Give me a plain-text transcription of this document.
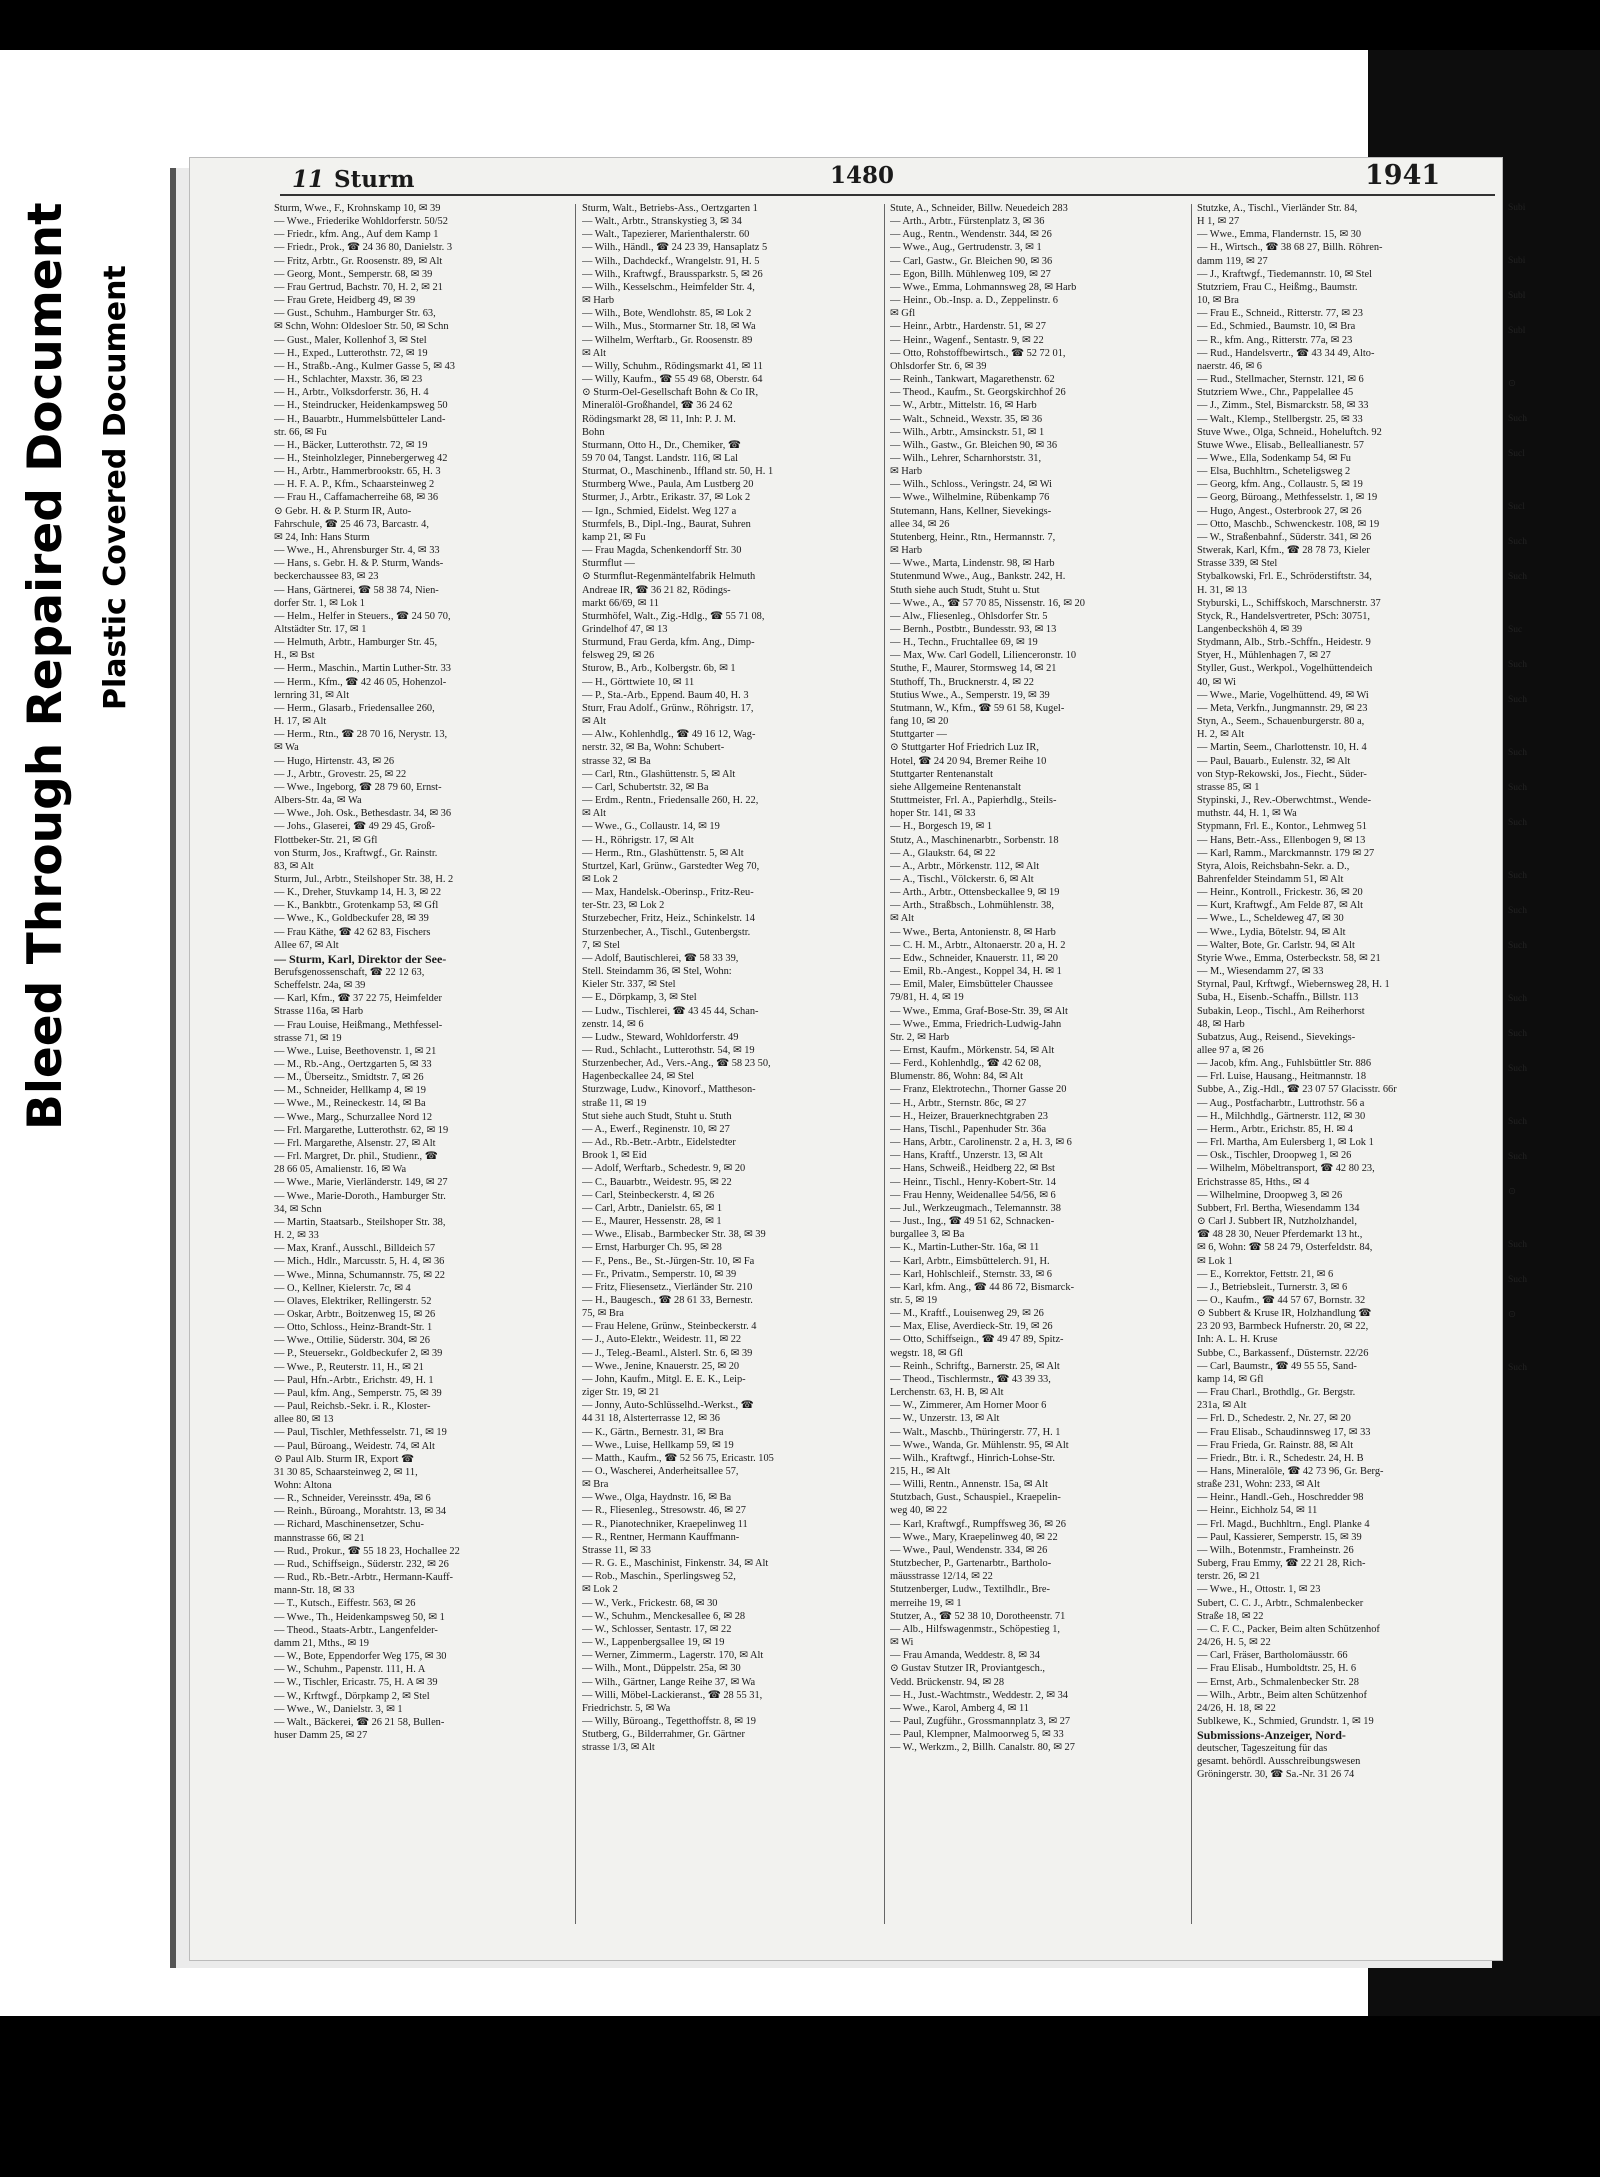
Bleed Through Repaired Document Plastic Covered Document
11 Sturm	1480	1941
Sturm, Wwe., F., Krohnskamp 10, ✉ 39
— Wwe., Friederike Wohldorferstr. 50/52
— Friedr., kfm. Ang., Auf dem Kamp 1
— Friedr., Prok., ☎ 24 36 80, Danielstr. 3
— Fritz, Arbtr., Gr. Roosenstr. 89, ✉ Alt
— Georg, Mont., Semperstr. 68, ✉ 39
— Frau Gertrud, Bachstr. 70, H. 2, ✉ 21
— Frau Grete, Heidberg 49, ✉ 39
— Gust., Schuhm., Hamburger Str. 63,
✉ Schn, Wohn: Oldesloer Str. 50, ✉ Schn
— Gust., Maler, Kollenhof 3, ✉ Stel
— H., Exped., Lutterothstr. 72, ✉ 19
— H., Straßb.-Ang., Kulmer Gasse 5, ✉ 43
— H., Schlachter, Maxstr. 36, ✉ 23
— H., Arbtr., Volksdorferstr. 36, H. 4
— H., Steindrucker, Heidenkampsweg 50
— H., Bauarbtr., Hummelsbütteler Land-
str. 66, ✉ Fu
— H., Bäcker, Lutterothstr. 72, ✉ 19
— H., Steinholzleger, Pinnebergerweg 42
— H., Arbtr., Hammerbrookstr. 65, H. 3
— H. F. A. P., Kfm., Schaarsteinweg 2
— Frau H., Caffamacherreihe 68, ✉ 36
⊙ Gebr. H. & P. Sturm IR, Auto-
Fahrschule, ☎ 25 46 73, Barcastr. 4,
✉ 24, Inh: Hans Sturm
— Wwe., H., Ahrensburger Str. 4, ✉ 33
— Hans, s. Gebr. H. & P. Sturm, Wands-
beckerchaussee 83, ✉ 23
— Hans, Gärtnerei, ☎ 58 38 74, Nien-
dorfer Str. 1, ✉ Lok 1
— Helm., Helfer in Steuers., ☎ 24 50 70,
Altstädter Str. 17, ✉ 1
— Helmuth, Arbtr., Hamburger Str. 45,
H., ✉ Bst
— Herm., Maschin., Martin Luther-Str. 33
— Herm., Kfm., ☎ 42 46 05, Hohenzol-
lernring 31, ✉ Alt
— Herm., Glasarb., Friedensallee 260,
H. 17, ✉ Alt
— Herm., Rtn., ☎ 28 70 16, Nerystr. 13,
✉ Wa
— Hugo, Hirtenstr. 43, ✉ 26
— J., Arbtr., Grovestr. 25, ✉ 22
— Wwe., Ingeborg, ☎ 28 79 60, Ernst-
Albers-Str. 4a, ✉ Wa
— Wwe., Joh. Osk., Bethesdastr. 34, ✉ 36
— Johs., Glaserei, ☎ 49 29 45, Groß-
Flottbeker-Str. 21, ✉ Gfl
von Sturm, Jos., Kraftwgf., Gr. Rainstr.
83, ✉ Alt
Sturm, Jul., Arbtr., Steilshoper Str. 38, H. 2
— K., Dreher, Stuvkamp 14, H. 3, ✉ 22
— K., Bankbtr., Grotenkamp 53, ✉ Gfl
— Wwe., K., Goldbeckufer 28, ✉ 39
— Frau Käthe, ☎ 42 62 83, Fischers
Allee 67, ✉ Alt
— Sturm, Karl, Direktor der See-
Berufsgenossenschaft, ☎ 22 12 63,
Scheffelstr. 24a, ✉ 39
— Karl, Kfm., ☎ 37 22 75, Heimfelder
Strasse 116a, ✉ Harb
— Frau Louise, Heißmang., Methfessel-
strasse 71, ✉ 19
— Wwe., Luise, Beethovenstr. 1, ✉ 21
— M., Rb.-Ang., Oertzgarten 5, ✉ 33
— M., Überseitz., Smidtstr. 7, ✉ 26
— M., Schneider, Hellkamp 4, ✉ 19
— Wwe., M., Reineckestr. 14, ✉ Ba
— Wwe., Marg., Schurzallee Nord 12
— Frl. Margarethe, Lutterothstr. 62, ✉ 19
— Frl. Margarethe, Alsenstr. 27, ✉ Alt
— Frl. Margret, Dr. phil., Studienr., ☎
28 66 05, Amalienstr. 16, ✉ Wa
— Wwe., Marie, Vierländerstr. 149, ✉ 27
— Wwe., Marie-Doroth., Hamburger Str.
34, ✉ Schn
— Martin, Staatsarb., Steilshoper Str. 38,
H. 2, ✉ 33
— Max, Kranf., Ausschl., Billdeich 57
— Mich., Hdlr., Marcusstr. 5, H. 4, ✉ 36
— Wwe., Minna, Schumannstr. 75, ✉ 22
— O., Kellner, Kielerstr. 7c, ✉ 4
— Olaves, Elektriker, Rellingerstr. 52
— Oskar, Arbtr., Boitzenweg 15, ✉ 26
— Otto, Schloss., Heinz-Brandt-Str. 1
— Wwe., Ottilie, Süderstr. 304, ✉ 26
— P., Steuersekr., Goldbeckufer 2, ✉ 39
— Wwe., P., Reuterstr. 11, H., ✉ 21
— Paul, Hfn.-Arbtr., Erichstr. 49, H. 1
— Paul, kfm. Ang., Semperstr. 75, ✉ 39
— Paul, Reichsb.-Sekr. i. R., Kloster-
allee 80, ✉ 13
— Paul, Tischler, Methfesselstr. 71, ✉ 19
— Paul, Büroang., Weidestr. 74, ✉ Alt
⊙ Paul Alb. Sturm IR, Export ☎
31 30 85, Schaarsteinweg 2, ✉ 11,
Wohn: Altona
— R., Schneider, Vereinsstr. 49a, ✉ 6
— Reinh., Büroang., Morahtstr. 13, ✉ 34
— Richard, Maschinensetzer, Schu-
mannstrasse 66, ✉ 21
— Rud., Prokur., ☎ 55 18 23, Hochallee 22
— Rud., Schiffseign., Süderstr. 232, ✉ 26
— Rud., Rb.-Betr.-Arbtr., Hermann-Kauff-
mann-Str. 18, ✉ 33
— T., Kutsch., Eiffestr. 563, ✉ 26
— Wwe., Th., Heidenkampsweg 50, ✉ 1
— Theod., Staats-Arbtr., Langenfelder-
damm 21, Mths., ✉ 19
— W., Bote, Eppendorfer Weg 175, ✉ 30
— W., Schuhm., Papenstr. 111, H. A
— W., Tischler, Ericastr. 75, H. A ✉ 39
— W., Krftwgf., Dörpkamp 2, ✉ Stel
— Wwe., W., Danielstr. 3, ✉ 1
— Walt., Bäckerei, ☎ 26 21 58, Bullen-
huser Damm 25, ✉ 27
Sturm, Walt., Betriebs-Ass., Oertzgarten 1
— Walt., Arbtr., Stranskystieg 3, ✉ 34
— Walt., Tapezierer, Marienthalerstr. 60
— Wilh., Händl., ☎ 24 23 39, Hansaplatz 5
— Wilh., Dachdeckf., Wrangelstr. 91, H. 5
— Wilh., Kraftwgf., Braussparkstr. 5, ✉ 26
— Wilh., Kesselschm., Heimfelder Str. 4,
✉ Harb
— Wilh., Bote, Wendlohstr. 85, ✉ Lok 2
— Wilh., Mus., Stormarner Str. 18, ✉ Wa
— Wilhelm, Werftarb., Gr. Roosenstr. 89
✉ Alt
— Willy, Schuhm., Rödingsmarkt 41, ✉ 11
— Willy, Kaufm., ☎ 55 49 68, Oberstr. 64
⊙ Sturm-Oel-Gesellschaft Bohn & Co IR,
Mineralöl-Großhandel, ☎ 36 24 62
Rödingsmarkt 28, ✉ 11, Inh: P. J. M.
Bohn
Sturmann, Otto H., Dr., Chemiker, ☎
59 70 04, Tangst. Landstr. 116, ✉ Lal
Sturmat, O., Maschinenb., Iffland str. 50, H. 1
Sturmberg Wwe., Paula, Am Lustberg 20
Sturmer, J., Arbtr., Erikastr. 37, ✉ Lok 2
— Ign., Schmied, Eidelst. Weg 127 a
Sturmfels, B., Dipl.-Ing., Baurat, Suhren
kamp 21, ✉ Fu
— Frau Magda, Schenkendorff Str. 30
Sturmflut —
⊙ Sturmflut-Regenmäntelfabrik Helmuth
Andreae IR, ☎ 36 21 82, Rödings-
markt 66/69, ✉ 11
Sturmhöfel, Walt., Zig.-Hdlg., ☎ 55 71 08,
Grindelhof 47, ✉ 13
Sturmund, Frau Gerda, kfm. Ang., Dimp-
felsweg 29, ✉ 26
Sturow, B., Arb., Kolbergstr. 6b, ✉ 1
— H., Görttwiete 10, ✉ 11
— P., Sta.-Arb., Eppend. Baum 40, H. 3
Sturr, Frau Adolf., Grünw., Röhrigstr. 17,
✉ Alt
— Alw., Kohlenhdlg., ☎ 49 16 12, Wag-
nerstr. 32, ✉ Ba, Wohn: Schubert-
strasse 32, ✉ Ba
— Carl, Rtn., Glashüttenstr. 5, ✉ Alt
— Carl, Schubertstr. 32, ✉ Ba
— Erdm., Rentn., Friedensalle 260, H. 22,
✉ Alt
— Wwe., G., Collaustr. 14, ✉ 19
— H., Röhrigstr. 17, ✉ Alt
— Herm., Rtn., Glashüttenstr. 5, ✉ Alt
Sturtzel, Karl, Grünw., Garstedter Weg 70,
✉ Lok 2
— Max, Handelsk.-Oberinsp., Fritz-Reu-
ter-Str. 23, ✉ Lok 2
Sturzebecher, Fritz, Heiz., Schinkelstr. 14
Sturzenbecher, A., Tischl., Gutenbergstr.
7, ✉ Stel
— Adolf, Bautischlerei, ☎ 58 33 39,
Stell. Steindamm 36, ✉ Stel, Wohn:
Kieler Str. 337, ✉ Stel
— E., Dörpkamp, 3, ✉ Stel
— Ludw., Tischlerei, ☎ 43 45 44, Schan-
zenstr. 14, ✉ 6
— Ludw., Steward, Wohldorferstr. 49
— Rud., Schlacht., Lutterothstr. 54, ✉ 19
Sturzenbecher, Ad., Vers.-Ang., ☎ 58 23 50,
Hagenbeckallee 24, ✉ Stel
Sturzwage, Ludw., Kinovorf., Mattheson-
straße 11, ✉ 19
Stut siehe auch Studt, Stuht u. Stuth
— A., Ewerf., Reginenstr. 10, ✉ 27
— Ad., Rb.-Betr.-Arbtr., Eidelstedter
Brook 1, ✉ Eid
— Adolf, Werftarb., Schedestr. 9, ✉ 20
— C., Bauarbtr., Weidestr. 95, ✉ 22
— Carl, Steinbeckerstr. 4, ✉ 26
— Carl, Arbtr., Danielstr. 65, ✉ 1
— E., Maurer, Hessenstr. 28, ✉ 1
— Wwe., Elisab., Barmbecker Str. 38, ✉ 39
— Ernst, Harburger Ch. 95, ✉ 28
— F., Pens., Be., St.-Jürgen-Str. 10, ✉ Fa
— Fr., Privatm., Semperstr. 10, ✉ 39
— Fritz, Fliesensetz., Vierländer Str. 210
— H., Baugesch., ☎ 28 61 33, Bernestr.
75, ✉ Bra
— Frau Helene, Grünw., Steinbeckerstr. 4
— J., Auto-Elektr., Weidestr. 11, ✉ 22
— J., Teleg.-Beaml., Alsterl. Str. 6, ✉ 39
— Wwe., Jenine, Knauerstr. 25, ✉ 20
— John, Kaufm., Mitgl. E. E. K., Leip-
ziger Str. 19, ✉ 21
— Jonny, Auto-Schlüsselhd.-Werkst., ☎
44 31 18, Alsterterrasse 12, ✉ 36
— K., Gärtn., Bernestr. 31, ✉ Bra
— Wwe., Luise, Hellkamp 59, ✉ 19
— Matth., Kaufm., ☎ 52 56 75, Ericastr. 105
— O., Wascherei, Anderheitsallee 57,
✉ Bra
— Wwe., Olga, Haydnstr. 16, ✉ Ba
— R., Fliesenleg., Stresowstr. 46, ✉ 27
— R., Pianotechniker, Kraepelinweg 11
— R., Rentner, Hermann Kauffmann-
Strasse 11, ✉ 33
— R. G. E., Maschinist, Finkenstr. 34, ✉ Alt
— Rob., Maschin., Sperlingsweg 52,
✉ Lok 2
— W., Verk., Frickestr. 68, ✉ 30
— W., Schuhm., Menckesallee 6, ✉ 28
— W., Schlosser, Sentastr. 17, ✉ 22
— W., Lappenbergsallee 19, ✉ 19
— Werner, Zimmerm., Lagerstr. 170, ✉ Alt
— Wilh., Mont., Düppelstr. 25a, ✉ 30
— Wilh., Gärtner, Lange Reihe 37, ✉ Wa
— Willi, Möbel-Lackieranst., ☎ 28 55 31,
Friedrichstr. 5, ✉ Wa
— Willy, Büroang., Tegetthoffstr. 8, ✉ 19
Stutberg, G., Bilderrahmer, Gr. Gärtner
strasse 1/3, ✉ Alt
Stute, A., Schneider, Billw. Neuedeich 283
— Arth., Arbtr., Fürstenplatz 3, ✉ 36
— Aug., Rentn., Wendenstr. 344, ✉ 26
— Wwe., Aug., Gertrudenstr. 3, ✉ 1
— Carl, Gastw., Gr. Bleichen 90, ✉ 36
— Egon, Billh. Mühlenweg 109, ✉ 27
— Wwe., Emma, Lohmannsweg 28, ✉ Harb
— Heinr., Ob.-Insp. a. D., Zeppelinstr. 6
✉ Gfl
— Heinr., Arbtr., Hardenstr. 51, ✉ 27
— Heinr., Wagenf., Sentastr. 9, ✉ 22
— Otto, Rohstoffbewirtsch., ☎ 52 72 01,
Ohlsdorfer Str. 6, ✉ 39
— Reinh., Tankwart, Magarethenstr. 62
— Theod., Kaufm., St. Georgskirchhof 26
— W., Arbtr., Mittelstr. 16, ✉ Harb
— Walt., Schneid., Wexstr. 35, ✉ 36
— Wilh., Arbtr., Amsinckstr. 51, ✉ 1
— Wilh., Gastw., Gr. Bleichen 90, ✉ 36
— Wilh., Lehrer, Scharnhorststr. 31,
✉ Harb
— Wilh., Schloss., Veringstr. 24, ✉ Wi
— Wwe., Wilhelmine, Rübenkamp 76
Stutemann, Hans, Kellner, Sievekings-
allee 34, ✉ 26
Stutenberg, Heinr., Rtn., Hermannstr. 7,
✉ Harb
— Wwe., Marta, Lindenstr. 98, ✉ Harb
Stutenmund Wwe., Aug., Bankstr. 242, H.
Stuth siehe auch Studt, Stuht u. Stut
— Wwe., A., ☎ 57 70 85, Nissenstr. 16, ✉ 20
— Alw., Fliesenleg., Ohlsdorfer Str. 5
— Bernh., Postbtr., Bundesstr. 93, ✉ 13
— H., Techn., Fruchtallee 69, ✉ 19
— Max, Ww. Carl Godell, Lilienceronstr. 10
Stuthe, F., Maurer, Stormsweg 14, ✉ 21
Stuthoff, Th., Brucknerstr. 4, ✉ 22
Stutius Wwe., A., Semperstr. 19, ✉ 39
Stutmann, W., Kfm., ☎ 59 61 58, Kugel-
fang 10, ✉ 20
Stuttgarter —
⊙ Stuttgarter Hof Friedrich Luz IR,
Hotel, ☎ 24 20 94, Bremer Reihe 10
Stuttgarter Rentenanstalt
siehe Allgemeine Rentenanstalt
Stuttmeister, Frl. A., Papierhdlg., Steils-
hoper Str. 141, ✉ 33
— H., Borgesch 19, ✉ 1
Stutz, A., Maschinenarbtr., Sorbenstr. 18
— A., Glaukstr. 64, ✉ 22
— A., Arbtr., Mörkenstr. 112, ✉ Alt
— A., Tischl., Völckerstr. 6, ✉ Alt
— Arth., Arbtr., Ottensbeckallee 9, ✉ 19
— Arth., Straßbsch., Lohmühlenstr. 38,
✉ Alt
— Wwe., Berta, Antonienstr. 8, ✉ Harb
— C. H. M., Arbtr., Altonaerstr. 20 a, H. 2
— Edw., Schneider, Knauerstr. 11, ✉ 20
— Emil, Rb.-Angest., Koppel 34, H. ✉ 1
— Emil, Maler, Eimsbütteler Chaussee
79/81, H. 4, ✉ 19
— Wwe., Emma, Graf-Bose-Str. 39, ✉ Alt
— Wwe., Emma, Friedrich-Ludwig-Jahn
Str. 2, ✉ Harb
— Ernst, Kaufm., Mörkenstr. 54, ✉ Alt
— Ferd., Kohlenhdlg., ☎ 42 62 08,
Blumenstr. 86, Wohn: 84, ✉ Alt
— Franz, Elektrotechn., Thorner Gasse 20
— H., Arbtr., Sternstr. 86c, ✉ 27
— H., Heizer, Brauerknechtgraben 23
— Hans, Tischl., Papenhuder Str. 36a
— Hans, Arbtr., Carolinenstr. 2 a, H. 3, ✉ 6
— Hans, Kraftf., Unzerstr. 13, ✉ Alt
— Hans, Schweiß., Heidberg 22, ✉ Bst
— Heinr., Tischl., Henry-Kobert-Str. 14
— Frau Henny, Weidenallee 54/56, ✉ 6
— Jul., Werkzeugmach., Telemannstr. 38
— Just., Ing., ☎ 49 51 62, Schnacken-
burgallee 3, ✉ Ba
— K., Martin-Luther-Str. 16a, ✉ 11
— Karl, Arbtr., Eimsbüttelerch. 91, H.
— Karl, Hohlschleif., Sternstr. 33, ✉ 6
— Karl, kfm. Ang., ☎ 44 86 72, Bismarck-
str. 5, ✉ 19
— M., Kraftf., Louisenweg 29, ✉ 26
— Max, Elise, Averdieck-Str. 19, ✉ 26
— Otto, Schiffseign., ☎ 49 47 89, Spitz-
wegstr. 18, ✉ Gfl
— Reinh., Schriftg., Barnerstr. 25, ✉ Alt
— Theod., Tischlermstr., ☎ 43 39 33,
Lerchenstr. 63, H. B, ✉ Alt
— W., Zimmerer, Am Horner Moor 6
— W., Unzerstr. 13, ✉ Alt
— Walt., Maschb., Thüringerstr. 77, H. 1
— Wwe., Wanda, Gr. Mühlenstr. 95, ✉ Alt
— Wilh., Kraftwgf., Hinrich-Lohse-Str.
215, H., ✉ Alt
— Willi, Rentn., Annenstr. 15a, ✉ Alt
Stutzbach, Gust., Schauspiel., Kraepelin-
weg 40, ✉ 22
— Karl, Kraftwgf., Rumpffsweg 36, ✉ 26
— Wwe., Mary, Kraepelinweg 40, ✉ 22
— Wwe., Paul, Wendenstr. 334, ✉ 26
Stutzbecher, P., Gartenarbtr., Bartholo-
mäusstrasse 12/14, ✉ 22
Stutzenberger, Ludw., Textilhdlr., Bre-
merreihe 19, ✉ 1
Stutzer, A., ☎ 52 38 10, Dorotheenstr. 71
— Alb., Hilfswagenmstr., Schöpestieg 1,
✉ Wi
— Frau Amanda, Weddestr. 8, ✉ 34
⊙ Gustav Stutzer IR, Proviantgesch.,
Vedd. Brückenstr. 94, ✉ 28
— H., Just.-Wachtmstr., Weddestr. 2, ✉ 34
— Wwe., Karol, Amberg 4, ✉ 11
— Paul, Zugführ., Grossmannplatz 3, ✉ 27
— Paul, Klempner, Malmoorweg 5, ✉ 33
— W., Werkzm., 2, Billh. Canalstr. 80, ✉ 27
Stutzke, A., Tischl., Vierländer Str. 84,
H 1, ✉ 27
— Wwe., Emma, Flandernstr. 15, ✉ 30
— H., Wirtsch., ☎ 38 68 27, Billh. Röhren-
damm 119, ✉ 27
— J., Kraftwgf., Tiedemannstr. 10, ✉ Stel
Stutzriem, Frau C., Heißmg., Baumstr.
10, ✉ Bra
— Frau E., Schneid., Ritterstr. 77, ✉ 23
— Ed., Schmied., Baumstr. 10, ✉ Bra
— R., kfm. Ang., Ritterstr. 77a, ✉ 23
— Rud., Handelsvertr., ☎ 43 34 49, Alto-
naerstr. 46, ✉ 6
— Rud., Stellmacher, Sternstr. 121, ✉ 6
Stutzriem Wwe., Chr., Pappelallee 45
— J., Zimm., Stel, Bismarckstr. 58, ✉ 33
— Walt., Klemp., Stellbergstr. 25, ✉ 33
Stuve Wwe., Olga, Schneid., Hoheluftch. 92
Stuwe Wwe., Elisab., Belleallianestr. 57
— Wwe., Ella, Sodenkamp 54, ✉ Fu
— Elsa, Buchhltrn., Scheteligsweg 2
— Georg, kfm. Ang., Collaustr. 5, ✉ 19
— Georg, Büroang., Methfesselstr. 1, ✉ 19
— Hugo, Angest., Osterbrook 27, ✉ 26
— Otto, Maschb., Schwenckestr. 108, ✉ 19
— W., Straßenbahnf., Süderstr. 341, ✉ 26
Stwerak, Karl, Kfm., ☎ 28 78 73, Kieler
Strasse 339, ✉ Stel
Stybalkowski, Frl. E., Schröderstiftstr. 34,
H. 31, ✉ 13
Styburski, L., Schiffskoch, Marschnerstr. 37
Styck, R., Handelsvertreter, PSch: 30751,
Langenbeckshöh 4, ✉ 39
Stydmann, Alb., Strb.-Schffn., Heidestr. 9
Styer, H., Mühlenhagen 7, ✉ 27
Styller, Gust., Werkpol., Vogelhüttendeich
40, ✉ Wi
— Wwe., Marie, Vogelhüttend. 49, ✉ Wi
— Meta, Verkfn., Jungmannstr. 29, ✉ 23
Styn, A., Seem., Schauenburgerstr. 80 a,
H. 2, ✉ Alt
— Martin, Seem., Charlottenstr. 10, H. 4
— Paul, Bauarb., Eulenstr. 32, ✉ Alt
von Styp-Rekowski, Jos., Fiecht., Süder-
strasse 85, ✉ 1
Stypinski, J., Rev.-Oberwchtmst., Wende-
muthstr. 44, H. 1, ✉ Wa
Stypmann, Frl. E., Kontor., Lehmweg 51
— Hans, Betr.-Ass., Ellenbogen 9, ✉ 13
— Karl, Ramm., Marckmannstr. 179 ✉ 27
Styra, Alois, Reichsbahn-Sekr. a. D.,
Bahrenfelder Steindamm 51, ✉ Alt
— Heinr., Kontroll., Frickestr. 36, ✉ 20
— Kurt, Kraftwgf., Am Felde 87, ✉ Alt
— Wwe., L., Scheldeweg 47, ✉ 30
— Wwe., Lydia, Bötelstr. 94, ✉ Alt
— Walter, Bote, Gr. Carlstr. 94, ✉ Alt
Styrie Wwe., Emma, Osterbeckstr. 58, ✉ 21
— M., Wiesendamm 27, ✉ 33
Styrnal, Paul, Krftwgf., Wiebernsweg 28, H. 1
Suba, H., Eisenb.-Schaffn., Billstr. 113
Subakin, Leop., Tischl., Am Reiherhorst
48, ✉ Harb
Subatzus, Aug., Reisend., Sievekings-
allee 97 a, ✉ 26
— Jacob, kfm. Ang., Fuhlsbüttler Str. 886
— Frl. Luise, Hausang., Heitmannstr. 18
Subbe, A., Zig.-Hdl., ☎ 23 07 57 Glacisstr. 66r
— Aug., Postfacharbtr., Luttrothstr. 56 a
— H., Milchhdlg., Gärtnerstr. 112, ✉ 30
— Herm., Arbtr., Erichstr. 85, H. ✉ 4
— Frl. Martha, Am Eulersberg 1, ✉ Lok 1
— Osk., Tischler, Droopweg 1, ✉ 26
— Wilhelm, Möbeltransport, ☎ 42 80 23,
Erichstrasse 85, Hths., ✉ 4
— Wilhelmine, Droopweg 3, ✉ 26
Subbert, Frl. Bertha, Wiesendamm 134
⊙ Carl J. Subbert IR, Nutzholzhandel,
☎ 48 28 30, Neuer Pferdemarkt 13 ht.,
✉ 6, Wohn: ☎ 58 24 79, Osterfeldstr. 84,
✉ Lok 1
— E., Korrektor, Fettstr. 21, ✉ 6
— J., Betriebsleit., Turnerstr. 3, ✉ 6
— O., Kaufm., ☎ 44 57 67, Bornstr. 32
⊙ Subbert & Kruse IR, Holzhandlung ☎
23 20 93, Barmbeck Hufnerstr. 20, ✉ 22,
Inh: A. L. H. Kruse
Subbe, C., Barkassenf., Düsternstr. 22/26
— Carl, Baumstr., ☎ 49 55 55, Sand-
kamp 14, ✉ Gfl
— Frau Charl., Brothdlg., Gr. Bergstr.
231a, ✉ Alt
— Frl. D., Schedestr. 2, Nr. 27, ✉ 20
— Frau Elisab., Schaudinnsweg 17, ✉ 33
— Frau Frieda, Gr. Rainstr. 88, ✉ Alt
— Friedr., Btr. i. R., Schedestr. 24, H. B
— Hans, Mineralöle, ☎ 42 73 96, Gr. Berg-
straße 231, Wohn: 233, ✉ Alt
— Heinr., Handl.-Geh., Hoschredder 98
— Heinr., Eichholz 54, ✉ 11
— Frl. Magd., Buchhltrn., Engl. Planke 4
— Paul, Kassierer, Semperstr. 15, ✉ 39
— Wilh., Botenmstr., Framheinstr. 26
Suberg, Frau Emmy, ☎ 22 21 28, Rich-
terstr. 26, ✉ 21
— Wwe., H., Ottostr. 1, ✉ 23
Subert, C. C. J., Arbtr., Schmalenbecker
Straße 18, ✉ 22
— C. F. C., Packer, Beim alten Schützenhof
24/26, H. 5, ✉ 22
— Carl, Fräser, Bartholomäusstr. 66
— Frau Elisab., Humboldtstr. 25, H. 6
— Ernst, Arb., Schmalenbecker Str. 28
— Wilh., Arbtr., Beim alten Schützenhof
24/26, H. 18, ✉ 22
Sublkewe, K., Schmied, Grundstr. 1, ✉ 19
Submissions-Anzeiger, Nord-
deutscher, Tageszeitung für das
gesamt. behördl. Ausschreibungswesen
Gröningerstr. 30, ☎ Sa.-Nr. 31 26 74
Subi
Subi
Subl
Subl
⊙
Such
Sucl
Sucl
Such
Such
Suc
Such
Such
Such
Such
Such
Such
Such
Such
Such
Such
Such
Such
Such
⊙
Such
Such
⊙
Such
